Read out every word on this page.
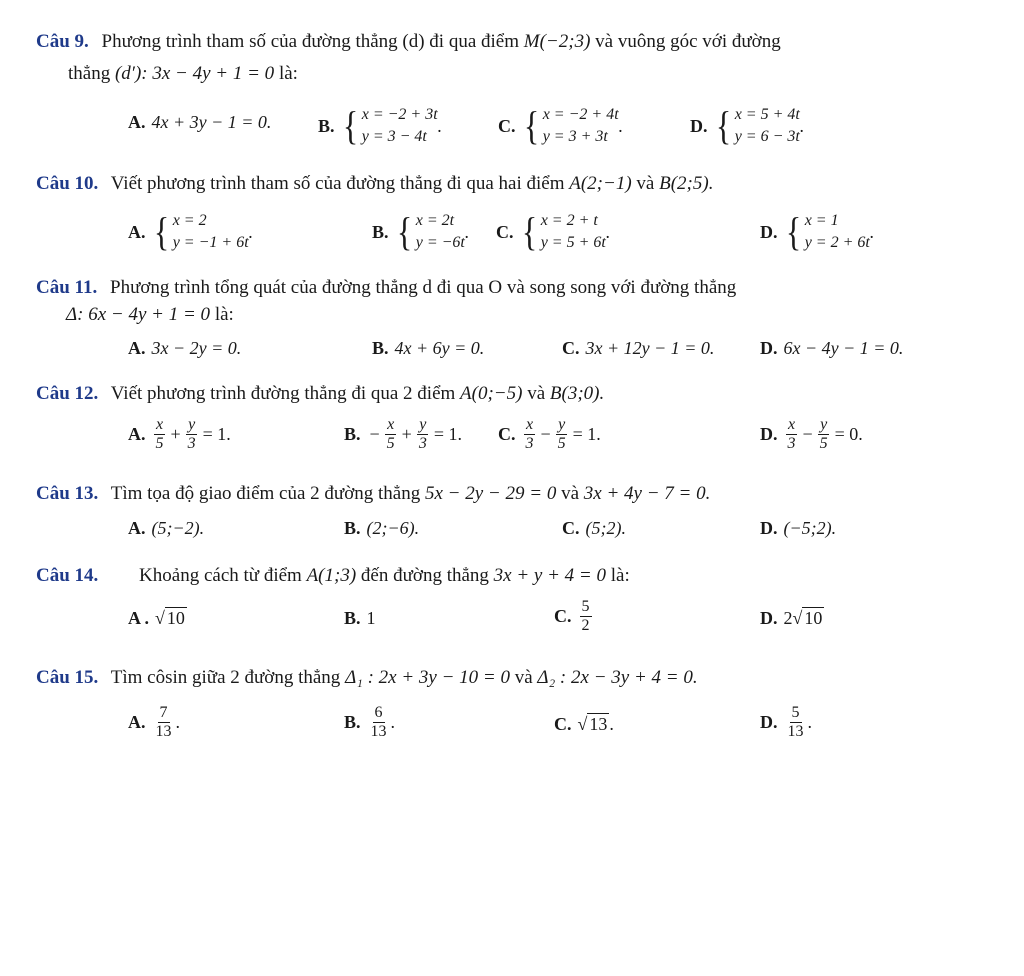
Câu 9. Phương trình tham số của đường thẳng (d) đi qua điểm M(−2;3) và vuông góc với đường
thẳng (d′): 3x − 4y + 1 = 0 là:
A. 4x + 3y − 1 = 0.	B. { x = −2 + 3t
y = 3 − 4t
.	C. { x = −2 + 4t
y = 3 + 3t
.	D. { x = 5 + 4t
y = 6 − 3t
.
Câu 10. Viết phương trình tham số của đường thẳng đi qua hai điểm A(2;−1) và B(2;5).
A. { x = 2
y = −1 + 6t
.	B. { x = 2t
y = −6t
. C. { x = 2 + t
y = 5 + 6t
.	D. { x = 1
y = 2 + 6t
.
Câu 11. Phương trình tổng quát của đường thẳng d đi qua O và song song với đường thẳng
Δ: 6x − 4y + 1 = 0 là:
A. 3x − 2y = 0.	B. 4x + 6y = 0.	C. 3x + 12y − 1 = 0.	D. 6x − 4y − 1 = 0.
Câu 12. Viết phương trình đường thẳng đi qua 2 điểm A(0;−5) và B(3;0).
A. $\frac{x}{5} + \frac{y}{3} = 1$.	B. − $\frac{x}{5} + \frac{y}{3} = 1$. C. $\frac{x}{3} - \frac{y}{5} = 1$.	D. $\frac{x}{3} - \frac{y}{5} = 0$.
Câu 13. Tìm tọa độ giao điểm của 2 đường thẳng 5x − 2y − 29 = 0 và 3x + 4y − 7 = 0.
A. (5;−2).	B. (2;−6).	C. (5;2).	D. (−5;2).
Câu 14. Khoảng cách từ điểm A(1;3) đến đường thẳng 3x + y + 4 = 0 là:
A . √ 10	B. 1	C. $\frac{5}{2}$	D. 2 √ 10
Câu 15. Tìm côsin giữa 2 đường thẳng Δ₁ : 2x + 3y − 10 = 0 và Δ₂ : 2x − 3y + 4 = 0.
A. $\frac{7}{13}$ .	B. $\frac{6}{13}$ .	C. √ 13 .	D. $\frac{5}{13}$ .
